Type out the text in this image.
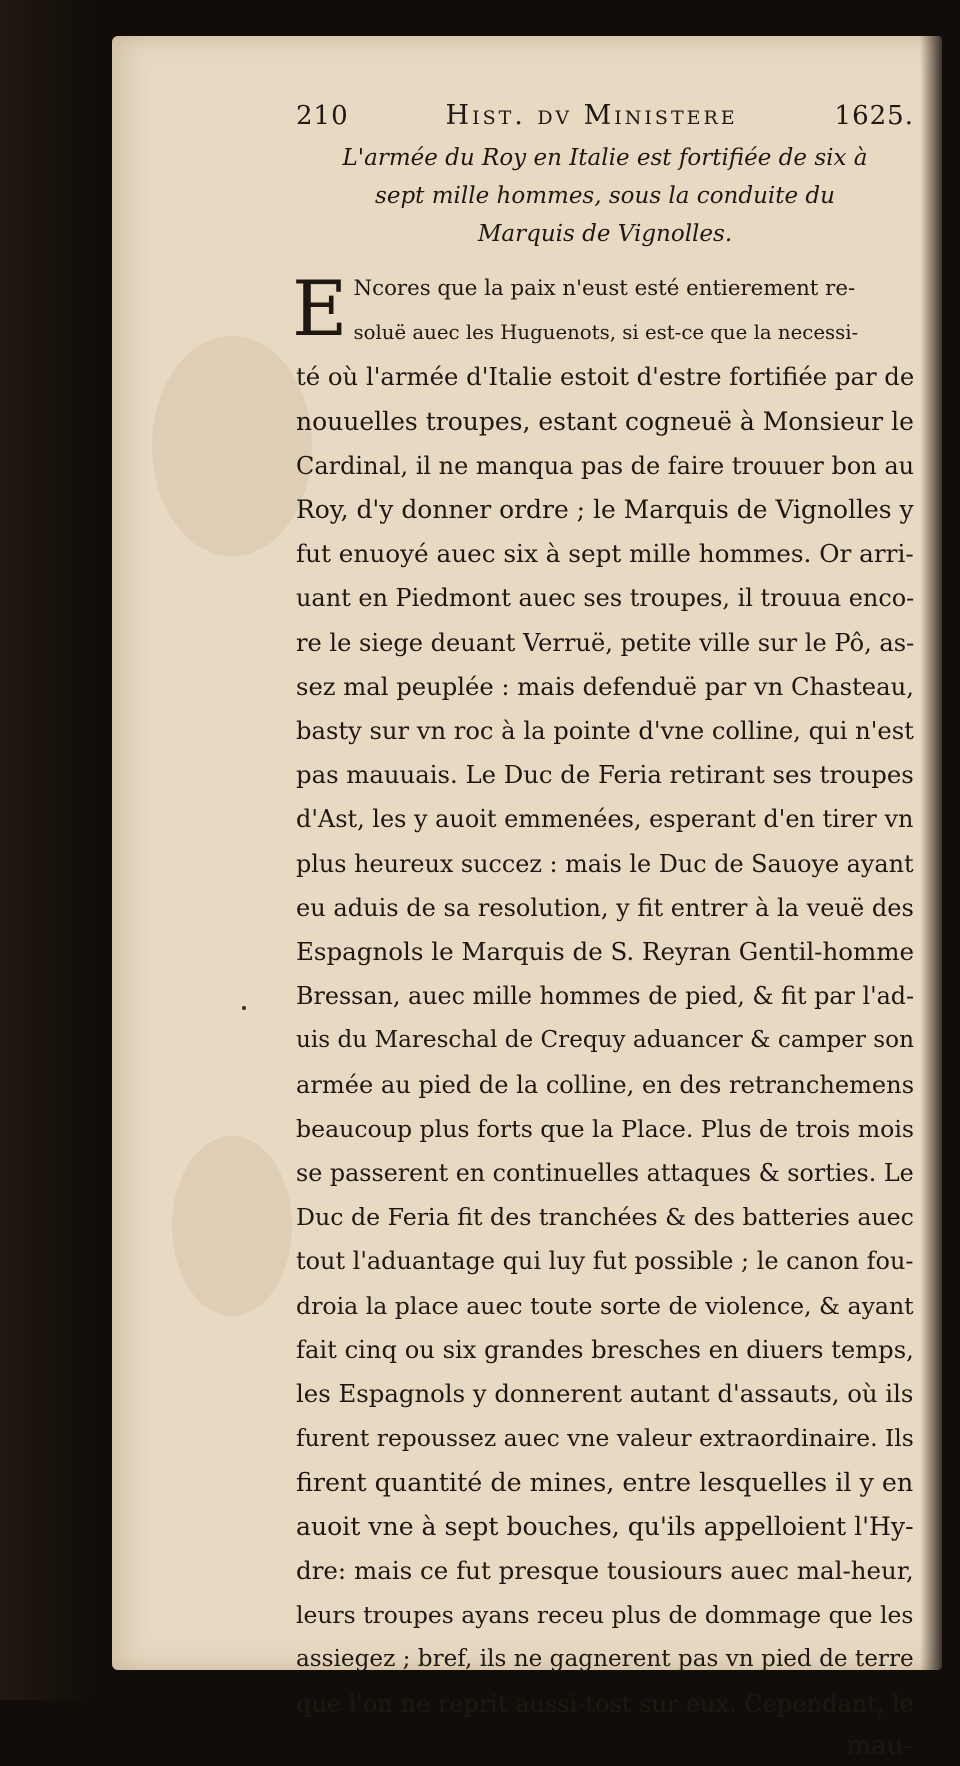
210	Hist. dv Ministere	1625.
L'armée du Roy en Italie est fortifiée de six à
sept mille hommes, sous la conduite du
Marquis de Vignolles.
E Ncores que la paix n'eust esté entierement re-
soluë auec les Huguenots, si est-ce que la necessi-
té où l'armée d'Italie estoit d'estre fortifiée par de
nouuelles troupes, estant cogneuë à Monsieur le
Cardinal, il ne manqua pas de faire trouuer bon au
Roy, d'y donner ordre ; le Marquis de Vignolles y
fut enuoyé auec six à sept mille hommes. Or arri-
uant en Piedmont auec ses troupes, il trouua enco-
re le siege deuant Verruë, petite ville sur le Pô, as-
sez mal peuplée : mais defenduë par vn Chasteau,
basty sur vn roc à la pointe d'vne colline, qui n'est
pas mauuais. Le Duc de Feria retirant ses troupes
d'Ast, les y auoit emmenées, esperant d'en tirer vn
plus heureux succez : mais le Duc de Sauoye ayant
eu aduis de sa resolution, y fit entrer à la veuë des
Espagnols le Marquis de S. Reyran Gentil-homme
Bressan, auec mille hommes de pied, & fit par l'ad-
uis du Mareschal de Crequy aduancer & camper son
armée au pied de la colline, en des retranchemens
beaucoup plus forts que la Place. Plus de trois mois
se passerent en continuelles attaques & sorties. Le
Duc de Feria fit des tranchées & des batteries auec
tout l'aduantage qui luy fut possible ; le canon fou-
droia la place auec toute sorte de violence, & ayant
fait cinq ou six grandes bresches en diuers temps,
les Espagnols y donnerent autant d'assauts, où ils
furent repoussez auec vne valeur extraordinaire. Ils
firent quantité de mines, entre lesquelles il y en
auoit vne à sept bouches, qu'ils appelloient l'Hy-
dre: mais ce fut presque tousiours auec mal-heur,
leurs troupes ayans receu plus de dommage que les
assiegez ; bref, ils ne gagnerent pas vn pied de terre
que l'on ne reprit aussi-tost sur eux. Cependant, le
mau-
